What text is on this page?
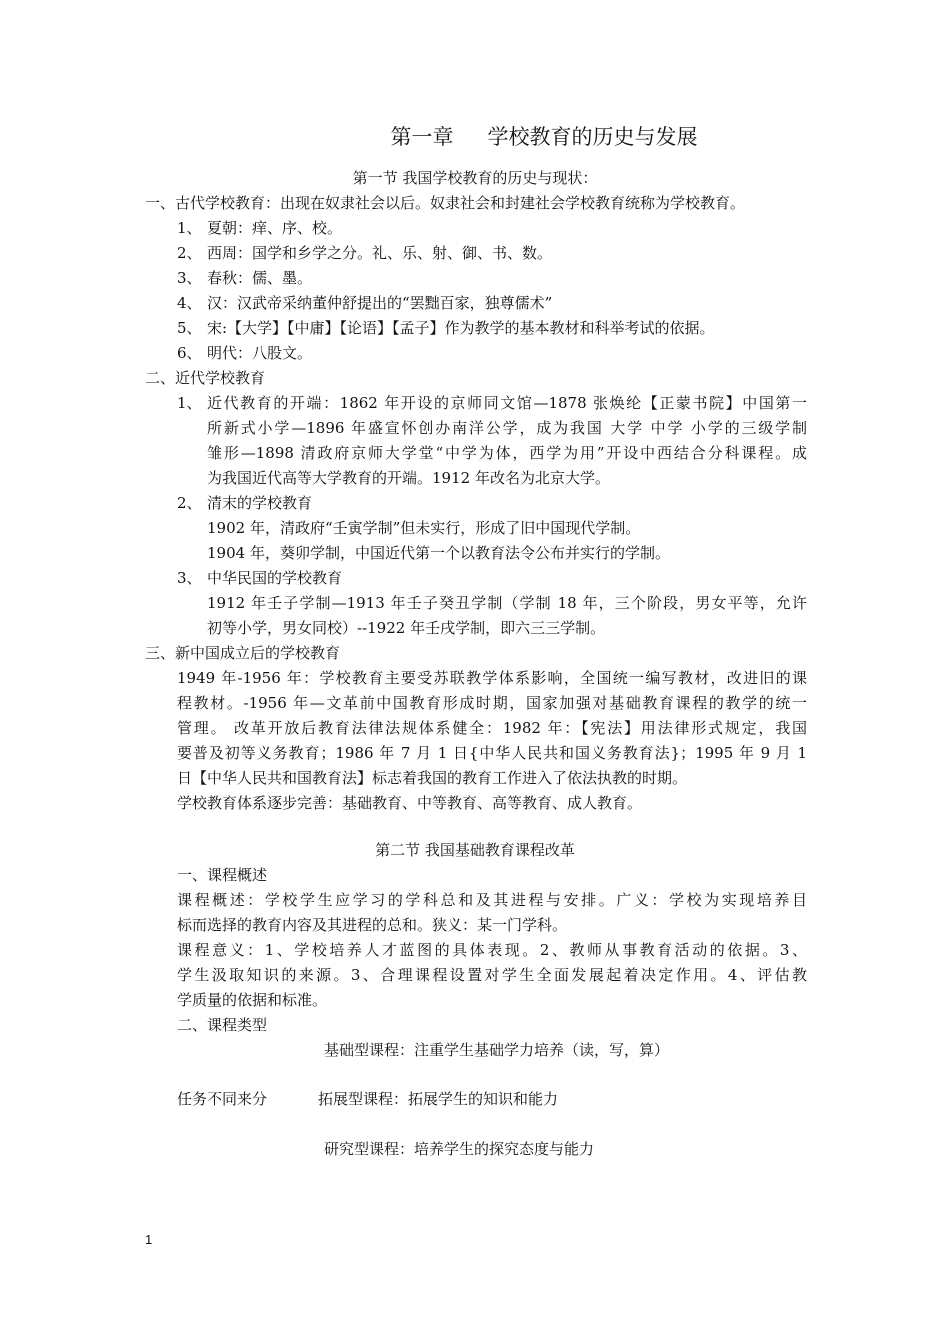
第一章 学校教育的历史与发展
第一节 我国学校教育的历史与现状：
一、古代学校教育：出现在奴隶社会以后。奴隶社会和封建社会学校教育统称为学校教育。
1、 夏朝：痒、序、校。
2、 西周：国学和乡学之分。礼、乐、射、御、书、数。
3、 春秋：儒、墨。
4、 汉：汉武帝采纳董仲舒提出的“罢黜百家，独尊儒术”
5、 宋:【大学】【中庸】【论语】【孟子】作为教学的基本教材和科举考试的依据。
6、 明代：八股文。
二、近代学校教育
1、 近代教育的开端：1862 年开设的京师同文馆—1878 张焕纶【正蒙书院】中国第一
所新式小学—1896 年盛宣怀创办南洋公学，成为我国 大学 中学 小学的三级学制
雏形—1898 清政府京师大学堂“中学为体，西学为用”开设中西结合分科课程。成
为我国近代高等大学教育的开端。1912 年改名为北京大学。
2、 清末的学校教育
1902 年，清政府“壬寅学制”但未实行，形成了旧中国现代学制。
1904 年，葵卯学制，中国近代第一个以教育法令公布并实行的学制。
3、 中华民国的学校教育
1912 年壬子学制—1913 年壬子癸丑学制（学制 18 年，三个阶段，男女平等，允许
初等小学，男女同校）--1922 年壬戌学制，即六三三学制。
三、新中国成立后的学校教育
1949 年-1956 年：学校教育主要受苏联教学体系影响，全国统一编写教材，改进旧的课
程教材。-1956 年—文革前中国教育形成时期，国家加强对基础教育课程的教学的统一
管理。 改革开放后教育法律法规体系健全：1982 年：【宪法】用法律形式规定，我国
要普及初等义务教育；1986 年 7 月 1 日{中华人民共和国义务教育法}；1995 年 9 月 1
日【中华人民共和国教育法】标志着我国的教育工作进入了依法执教的时期。
学校教育体系逐步完善：基础教育、中等教育、高等教育、成人教育。
第二节 我国基础教育课程改革
一、课程概述
课程概述：学校学生应学习的学科总和及其进程与安排。广义：学校为实现培养目
标而选择的教育内容及其进程的总和。狭义：某一门学科。
课程意义：1、学校培养人才蓝图的具体表现。2、教师从事教育活动的依据。3、
学生汲取知识的来源。3、合理课程设置对学生全面发展起着决定作用。4、评估教
学质量的依据和标准。
二、课程类型
基础型课程：注重学生基础学力培养（读，写，算）
任务不同来分	拓展型课程：拓展学生的知识和能力
研究型课程：培养学生的探究态度与能力
1
